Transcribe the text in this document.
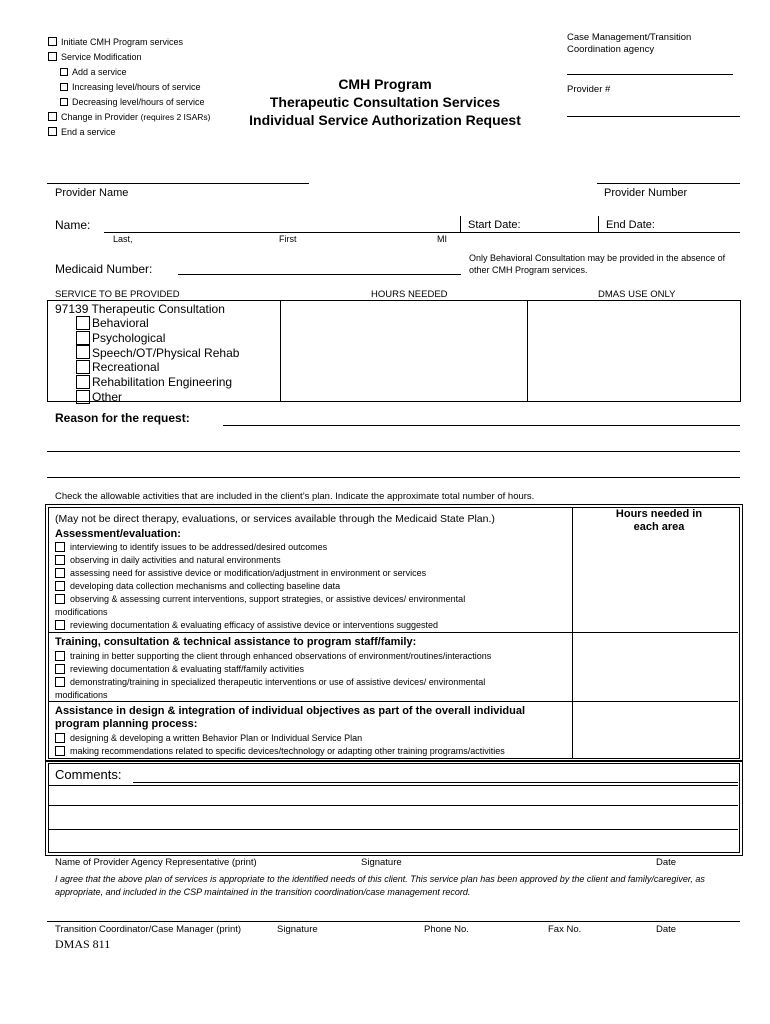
Initiate CMH Program services
Service Modification
Add a service
Increasing level/hours of service
Decreasing level/hours of service
Change in Provider (requires 2 ISARs)
End a service
CMH Program
Therapeutic Consultation Services
Individual Service Authorization Request
Case Management/Transition Coordination agency
Provider #
Provider Name	Provider Number
Name:	Start Date:	End Date:
Last,	First	MI
Medicaid Number:
Only Behavioral Consultation may be provided in the absence of other CMH Program services.
SERVICE TO BE PROVIDED	HOURS NEEDED	DMAS USE ONLY
97139 Therapeutic Consultation
Behavioral
Psychological
Speech/OT/Physical Rehab
Recreational
Rehabilitation Engineering
Other
Reason for the request:
Check the allowable activities that are included in the client’s plan. Indicate the approximate total number of hours.
Hours needed in each area
(May not be direct therapy, evaluations, or services available through the Medicaid State Plan.)
Assessment/evaluation:
interviewing to identify issues to be addressed/desired outcomes
observing in daily activities and natural environments
assessing need for assistive device or modification/adjustment in environment or services
developing data collection mechanisms and collecting baseline data
observing & assessing current interventions, support strategies, or assistive devices/ environmental
modifications
reviewing documentation & evaluating efficacy of assistive device or interventions suggested
Training, consultation & technical assistance to program staff/family:
training in better supporting the client through enhanced observations of environment/routines/interactions
reviewing documentation & evaluating staff/family activities
demonstrating/training in specialized therapeutic interventions or use of assistive devices/ environmental
modifications
Assistance in design & integration of individual objectives as part of the overall individual program planning process:
designing & developing a written Behavior Plan or Individual Service Plan
making recommendations related to specific devices/technology or adapting other training programs/activities
Comments:
Name of Provider Agency Representative (print)	Signature	Date
I agree that the above plan of services is appropriate to the identified needs of this client. This service plan has been approved by the client and family/caregiver, as appropriate, and included in the CSP maintained in the transition coordination/case management record.
Transition Coordinator/Case Manager (print)	Signature	Phone No.	Fax No.	Date
DMAS 811
